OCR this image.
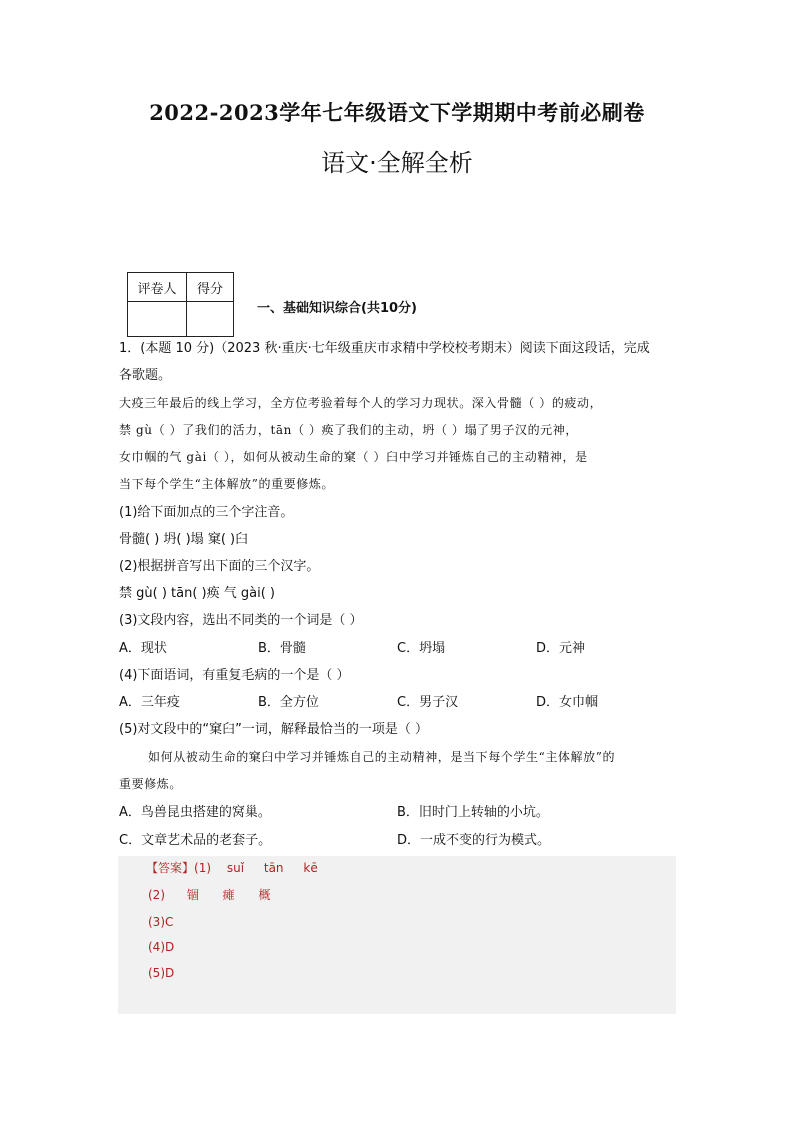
2022-2023学年七年级语文下学期期中考前必刷卷
语文·全解全析
评卷人	得分

一、基础知识综合(共10分)
1．(本题 10 分)（2023 秋·重庆·七年级重庆市求精中学校校考期末）阅读下面这段话，完成
各歌题。
大疫三年最后的线上学习，全方位考验着每个人的学习力现状。深入骨髓（ ）的疲动，
禁 gù（ ）了我们的活力，tān（ ）痪了我们的主动，坍（ ）塌了男子汉的元神，
女巾帼的气 gài（ ），如何从被动生命的窠（ ）臼中学习并锤炼自己的主动精神，是
当下每个学生“主体解放”的重要修炼。
(1)给下面加点的三个字注音。
骨髓( ) 坍( )塌 窠( )臼
(2)根据拼音写出下面的三个汉字。
禁 gù( ) tān( )痪 气 gài( )
(3)文段内容，选出不同类的一个词是（ ）
A．现状	B．骨髓	C．坍塌	D．元神
(4)下面语词，有重复毛病的一个是（ ）
A．三年疫	B．全方位	C．男子汉	D．女巾帼
(5)对文段中的“窠臼”一词，解释最恰当的一项是（ ）
如何从被动生命的窠臼中学习并锤炼自己的主动精神，是当下每个学生“主体解放”的
重要修炼。
A．鸟兽昆虫搭建的窝巢。	B．旧时门上转轴的小坑。
C．文章艺术品的老套子。	D．一成不变的行为模式。
【答案】(1) suǐ tān kē
(2) 锢 瘫 概
(3)C
(4)D
(5)D
